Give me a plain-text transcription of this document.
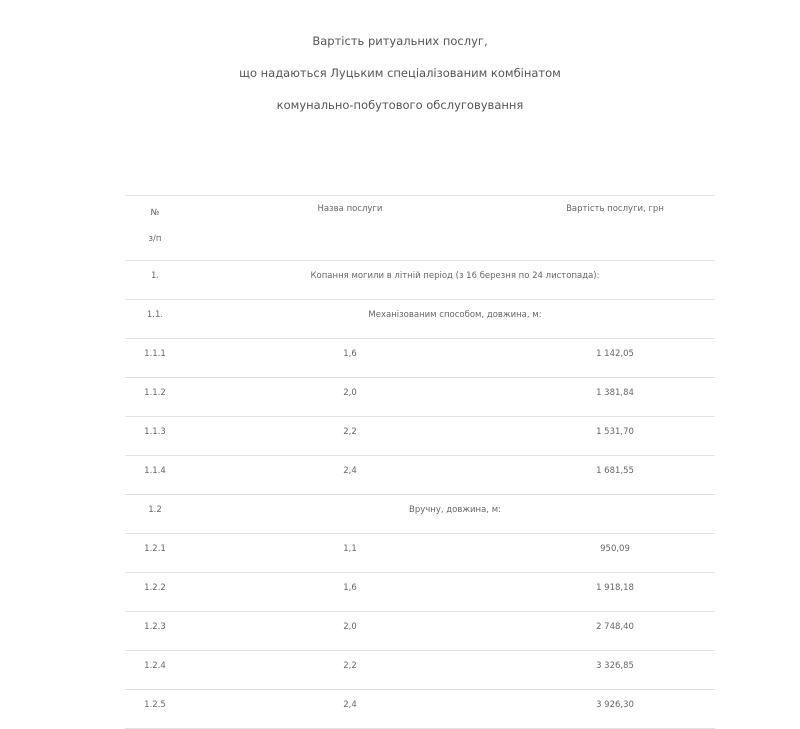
Вартість ритуальних послуг,
що надаються Луцьким спеціалізованим комбінатом
комунально-побутового обслуговування
№
з/п
Назва послуги	Вартість послуги, грн
1.	Копання могили в літній період (з 16 березня по 24 листопада):
1.1.	Механізованим способом, довжина, м:
1.1.1	1,6	1 142,05
1.1.2	2,0	1 381,84
1.1.3	2,2	1 531,70
1.1.4	2,4	1 681,55
1.2	Вручну, довжина, м:
1.2.1	1,1	950,09
1.2.2	1,6	1 918,18
1.2.3	2,0	2 748,40
1.2.4	2,2	3 326,85
1.2.5	2,4	3 926,30
